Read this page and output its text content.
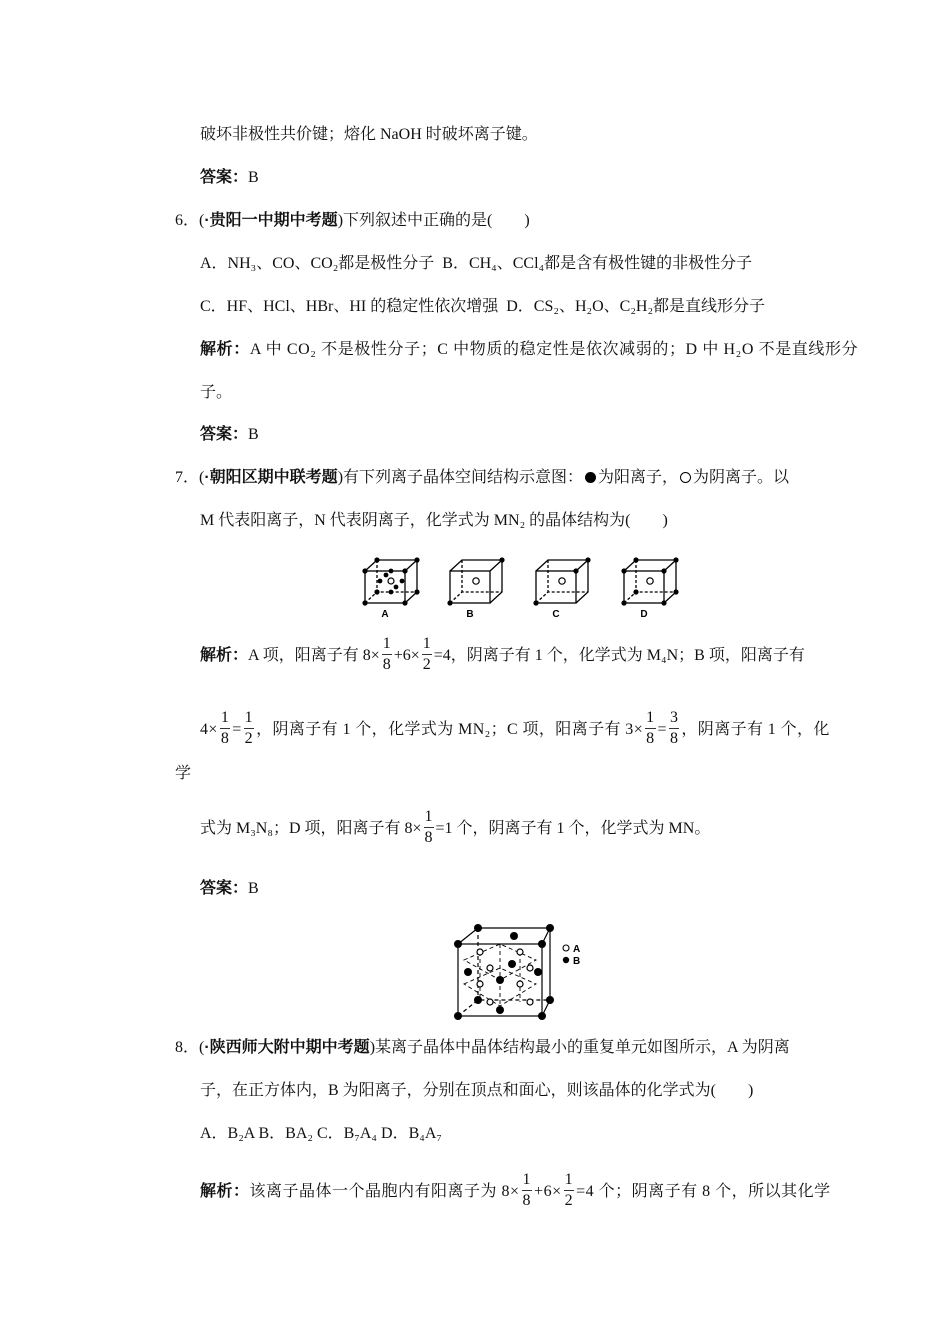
破坏非极性共价键；熔化 NaOH 时破坏离子键。
答案：B
6．(·贵阳一中期中考题)下列叙述中正确的是(　　)
A．NH₃、CO、CO₂都是极性分子 B．CH₄、CCl₄都是含有极性键的非极性分子
C．HF、HCl、HBr、HI 的稳定性依次增强 D．CS₂、H₂O、C₂H₂都是直线形分子
解析：A 中 CO₂ 不是极性分子；C 中物质的稳定性是依次减弱的；D 中 H₂O 不是直线形分
子。
答案：B
7．(·朝阳区期中联考题)有下列离子晶体空间结构示意图： 为阳离子， 为阴离子。以
M 代表阳离子，N 代表阴离子，化学式为 MN₂ 的晶体结构为(　　)
A	B	C	D
解析：A 项，阳离子有 $8\times \frac{1}{8} +6\times \frac{1}{2} =4$，阴离子有 1 个，化学式为 M₄N；B 项，阳离子有
$4\times \frac{1}{8} = \frac{1}{2}$ ，阴离子有 1 个，化学式为 MN₂；C 项，阳离子有 $3\times \frac{1}{8} = \frac{3}{8}$ ，阴离子有 1 个，化
学
式为 M₃N₈；D 项，阳离子有 $8\times \frac{1}{8} =1$ 个，阴离子有 1 个，化学式为 MN。
答案：B
A
B
8．(·陕西师大附中期中考题)某离子晶体中晶体结构最小的重复单元如图所示，A 为阴离
子，在正方体内，B 为阳离子，分别在顶点和面心，则该晶体的化学式为(　　)
A．B₂A B．BA₂ C．B₇A₄ D．B₄A₇
解析：该离子晶体一个晶胞内有阳离子为 $8\times \frac{1}{8} +6\times \frac{1}{2} =4$ 个；阴离子有 8 个，所以其化学
